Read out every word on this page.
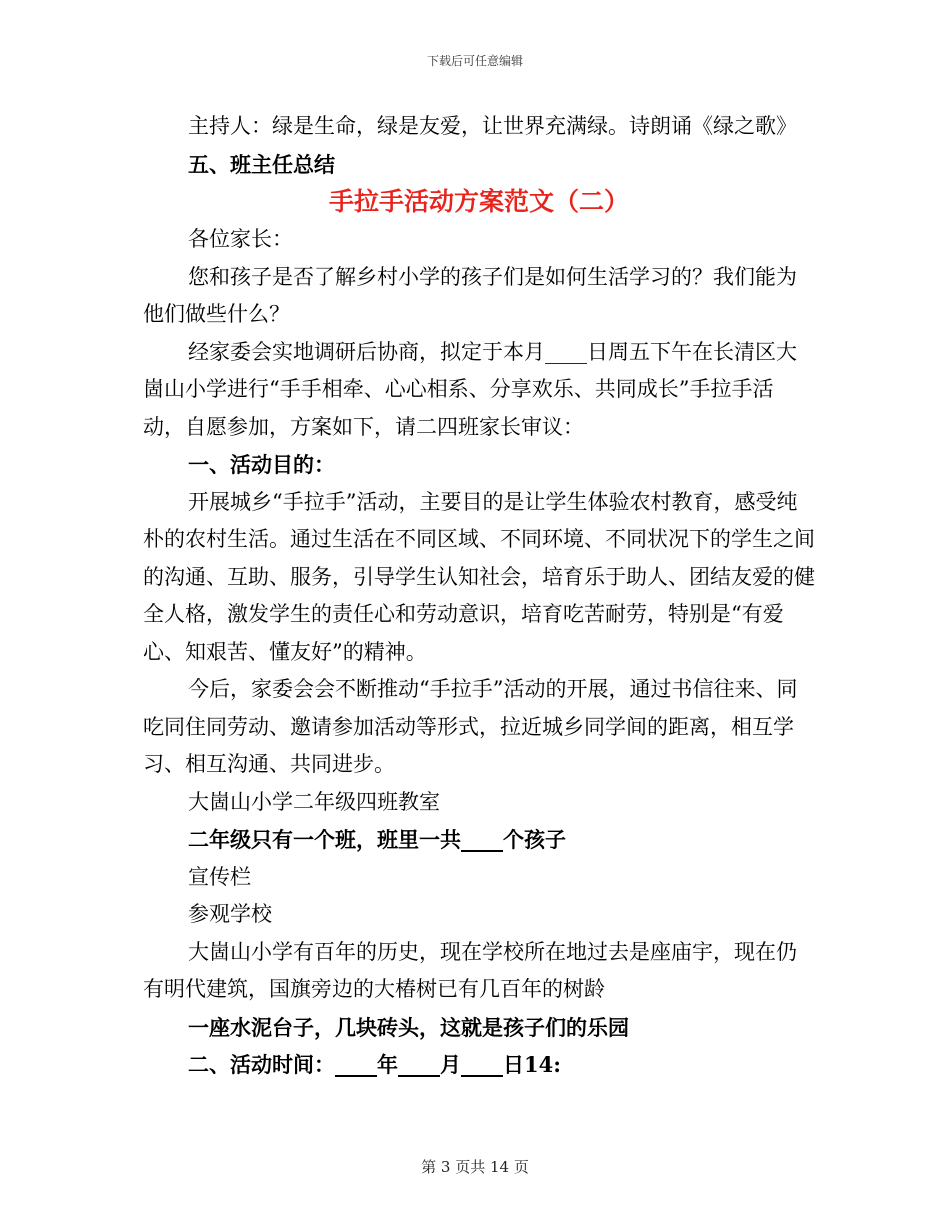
下载后可任意编辑

主持人：绿是生命，绿是友爱，让世界充满绿。诗朗诵《绿之歌》

五、班主任总结

手拉手活动方案范文（二）

各位家长：

您和孩子是否了解乡村小学的孩子们是如何生活学习的？我们能为他们做些什么？

经家委会实地调研后协商，拟定于本月____日周五下午在长清区大崮山小学进行“手手相牵、心心相系、分享欢乐、共同成长”手拉手活动，自愿参加，方案如下，请二四班家长审议：

一、活动目的：

开展城乡“手拉手”活动，主要目的是让学生体验农村教育，感受纯朴的农村生活。通过生活在不同区域、不同环境、不同状况下的学生之间的沟通、互助、服务，引导学生认知社会，培育乐于助人、团结友爱的健全人格，激发学生的责任心和劳动意识，培育吃苦耐劳，特别是“有爱心、知艰苦、懂友好”的精神。

今后，家委会会不断推动“手拉手”活动的开展，通过书信往来、同吃同住同劳动、邀请参加活动等形式，拉近城乡同学间的距离，相互学习、相互沟通、共同进步。

大崮山小学二年级四班教室

二年级只有一个班，班里一共____个孩子

宣传栏

参观学校

大崮山小学有百年的历史，现在学校所在地过去是座庙宇，现在仍有明代建筑，国旗旁边的大椿树已有几百年的树龄

一座水泥台子，几块砖头，这就是孩子们的乐园

二、活动时间：____年____月____日14:

第 3 页共 14 页
